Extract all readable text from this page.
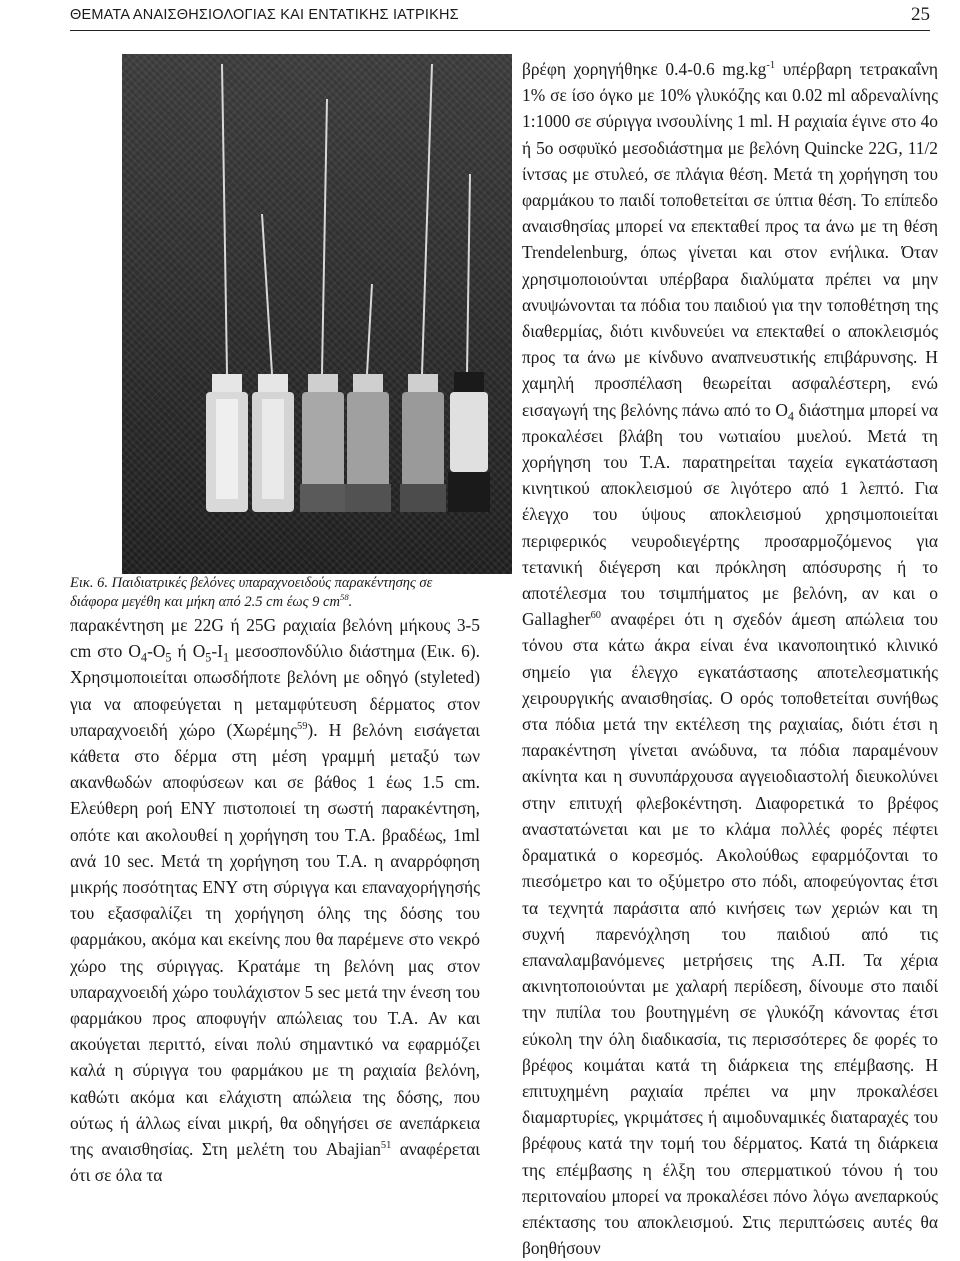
ΘΕΜΑΤΑ ΑΝΑΙΣΘΗΣΙΟΛΟΓΙΑΣ ΚΑΙ ΕΝΤΑΤΙΚΗΣ ΙΑΤΡΙΚΗΣ	25

Εικ. 6. Παιδιατρικές βελόνες υπαραχνοειδούς παρακέντησης σε διάφορα μεγέθη και μήκη από 2.5 cm έως 9 $cm^{58}$.

παρακέντηση με 22G ή 25G ραχιαία βελόνη μήκους 3-5 cm στο $O_4-O_5$ ή $O_5-I_1$ μεσοσπονδύλιο διάστημα (Εικ. 6). Χρησιμοποιείται οπωσδήποτε βελόνη με οδηγό (styleted) για να αποφεύγεται η μεταμφύτευση δέρματος στον υπαραχνοειδή χώρο (Χωρέμης$^{59}$). Η βελόνη εισάγεται κάθετα στο δέρμα στη μέση γραμμή μεταξύ των ακανθωδών αποφύσεων και σε βάθος 1 έως 1.5 cm. Ελεύθερη ροή ΕΝΥ πιστοποιεί τη σωστή παρακέντηση, οπότε και ακολουθεί η χορήγηση του Τ.Α. βραδέως, 1ml ανά 10 sec. Μετά τη χορήγηση του Τ.Α. η αναρρόφηση μικρής ποσότητας ΕΝΥ στη σύριγγα και επαναχορήγησής του εξασφαλίζει τη χορήγηση όλης της δόσης του φαρμάκου, ακόμα και εκείνης που θα παρέμενε στο νεκρό χώρο της σύριγγας. Κρατάμε τη βελόνη μας στον υπαραχνοειδή χώρο τουλάχιστον 5 sec μετά την ένεση του φαρμάκου προς αποφυγήν απώλειας του Τ.Α. Αν και ακούγεται περιττό, είναι πολύ σημαντικό να εφαρμόζει καλά η σύριγγα του φαρμάκου με τη ραχιαία βελόνη, καθώτι ακόμα και ελάχιστη απώλεια της δόσης, που ούτως ή άλλως είναι μικρή, θα οδηγήσει σε ανεπάρκεια της αναισθησίας. Στη μελέτη του Abajian$^{51}$ αναφέρεται ότι σε όλα τα

βρέφη χορηγήθηκε 0.4-0.6 $mg.kg^{-1}$ υπέρβαρη τετρακαΐνη 1% σε ίσο όγκο με 10% γλυκόζης και 0.02 ml αδρεναλίνης 1:1000 σε σύριγγα ινσουλίνης 1 ml. Η ραχιαία έγινε στο 4ο ή 5ο οσφυϊκό μεσοδιάστημα με βελόνη Quincke 22G, 11/2 ίντσας με στυλεό, σε πλάγια θέση. Μετά τη χορήγηση του φαρμάκου το παιδί τοποθετείται σε ύπτια θέση. Το επίπεδο αναισθησίας μπορεί να επεκταθεί προς τα άνω με τη θέση Trendelenburg, όπως γίνεται και στον ενήλικα. Όταν χρησιμοποιούνται υπέρβαρα διαλύματα πρέπει να μην ανυψώνονται τα πόδια του παιδιού για την τοποθέτηση της διαθερμίας, διότι κινδυνεύει να επεκταθεί ο αποκλεισμός προς τα άνω με κίνδυνο αναπνευστικής επιβάρυνσης. Η χαμηλή προσπέλαση θεωρείται ασφαλέστερη, ενώ εισαγωγή της βελόνης πάνω από το $O_4$ διάστημα μπορεί να προκαλέσει βλάβη του νωτιαίου μυελού. Μετά τη χορήγηση του Τ.Α. παρατηρείται ταχεία εγκατάσταση κινητικού αποκλεισμού σε λιγότερο από 1 λεπτό. Για έλεγχο του ύψους αποκλεισμού χρησιμοποιείται περιφερικός νευροδιεγέρτης προσαρμοζόμενος για τετανική διέγερση και πρόκληση απόσυρσης ή το αποτέλεσμα του τσιμπήματος με βελόνη, αν και ο Gallagher$^{60}$ αναφέρει ότι η σχεδόν άμεση απώλεια του τόνου στα κάτω άκρα είναι ένα ικανοποιητικό κλινικό σημείο για έλεγχο εγκατάστασης αποτελεσματικής χειρουργικής αναισθησίας. Ο ορός τοποθετείται συνήθως στα πόδια μετά την εκτέλεση της ραχιαίας, διότι έτσι η παρακέντηση γίνεται ανώδυνα, τα πόδια παραμένουν ακίνητα και η συνυπάρχουσα αγγειοδιαστολή διευκολύνει στην επιτυχή φλεβοκέντηση. Διαφορετικά το βρέφος αναστατώνεται και με το κλάμα πολλές φορές πέφτει δραματικά ο κορεσμός. Ακολούθως εφαρμόζονται το πιεσόμετρο και το οξύμετρο στο πόδι, αποφεύγοντας έτσι τα τεχνητά παράσιτα από κινήσεις των χεριών και τη συχνή παρενόχληση του παιδιού από τις επαναλαμβανόμενες μετρήσεις της Α.Π. Τα χέρια ακινητοποιούνται με χαλαρή περίδεση, δίνουμε στο παιδί την πιπίλα του βουτηγμένη σε γλυκόζη κάνοντας έτσι εύκολη την όλη διαδικασία, τις περισσότερες δε φορές το βρέφος κοιμάται κατά τη διάρκεια της επέμβασης. Η επιτυχημένη ραχιαία πρέπει να μην προκαλέσει διαμαρτυρίες, γκριμάτσες ή αιμοδυναμικές διαταραχές του βρέφους κατά την τομή του δέρματος. Κατά τη διάρκεια της επέμβασης η έλξη του σπερματικού τόνου ή του περιτοναίου μπορεί να προκαλέσει πόνο λόγω ανεπαρκούς επέκτασης του αποκλεισμού. Στις περιπτώσεις αυτές θα βοηθήσουν
